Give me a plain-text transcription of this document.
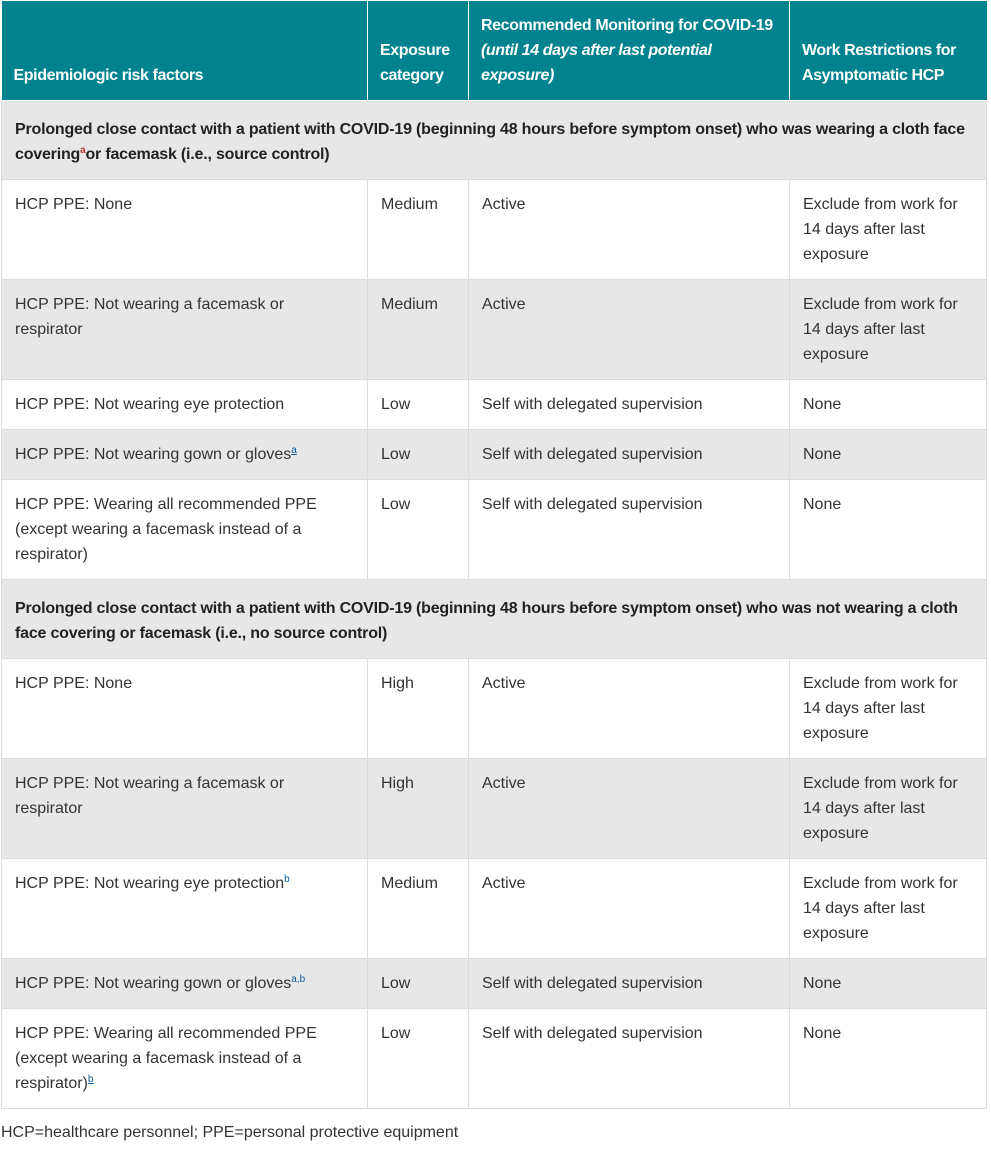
Epidemiologic risk factors	Exposure category	Recommended Monitoring for COVID-19 (until 14 days after last potential exposure)	Work Restrictions for Asymptomatic HCP
Prolonged close contact with a patient with COVID-19 (beginning 48 hours before symptom onset) who was wearing a cloth face covering$^a$or facemask (i.e., source control)			
HCP PPE: None	Medium	Active	Exclude from work for 14 days after last exposure
HCP PPE: Not wearing a facemask or respirator	Medium	Active	Exclude from work for 14 days after last exposure
HCP PPE: Not wearing eye protection	Low	Self with delegated supervision	None
HCP PPE: Not wearing gown or gloves$^a$	Low	Self with delegated supervision	None
HCP PPE: Wearing all recommended PPE (except wearing a facemask instead of a respirator)	Low	Self with delegated supervision	None
Prolonged close contact with a patient with COVID-19 (beginning 48 hours before symptom onset) who was not wearing a cloth face covering or facemask (i.e., no source control)			
HCP PPE: None	High	Active	Exclude from work for 14 days after last exposure
HCP PPE: Not wearing a facemask or respirator	High	Active	Exclude from work for 14 days after last exposure
HCP PPE: Not wearing eye protection$^b$	Medium	Active	Exclude from work for 14 days after last exposure
HCP PPE: Not wearing gown or gloves$^{a,b}$	Low	Self with delegated supervision	None
HCP PPE: Wearing all recommended PPE (except wearing a facemask instead of a respirator)$^b$	Low	Self with delegated supervision	None
HCP=healthcare personnel; PPE=personal protective equipment
